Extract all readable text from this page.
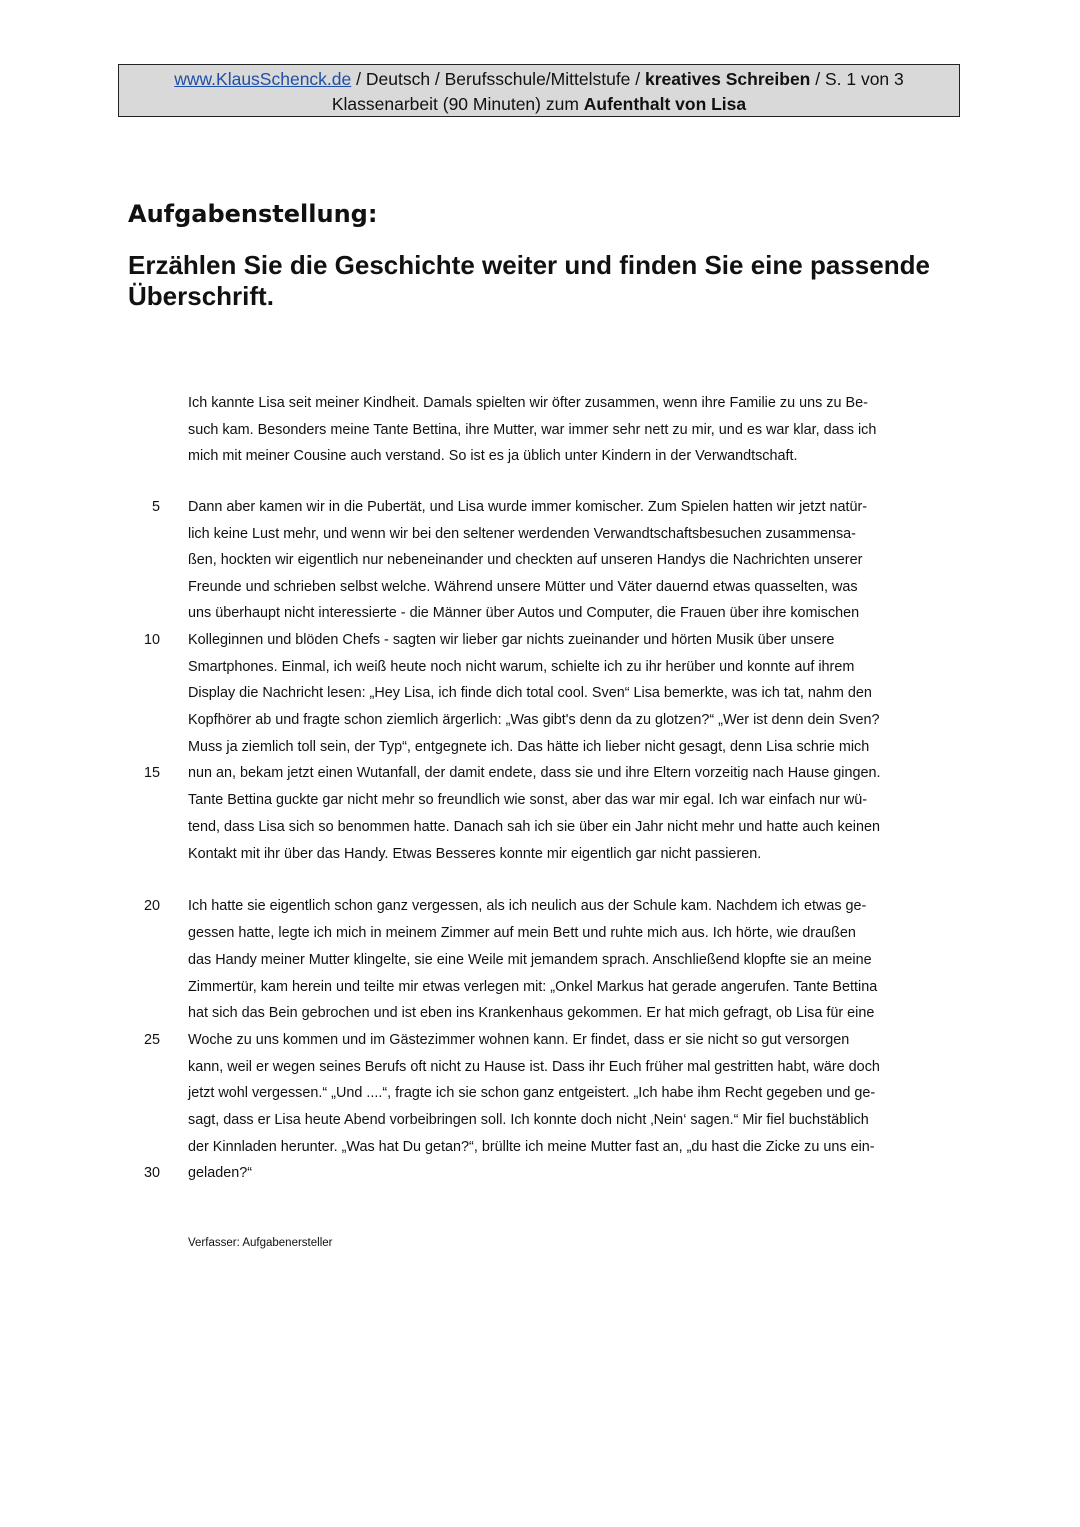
www.KlausSchenck.de / Deutsch / Berufsschule/Mittelstufe / kreatives Schreiben / S. 1 von 3
Klassenarbeit (90 Minuten) zum Aufenthalt von Lisa
Aufgabenstellung:
Erzählen Sie die Geschichte weiter und finden Sie eine passende
Überschrift.
Ich kannte Lisa seit meiner Kindheit. Damals spielten wir öfter zusammen, wenn ihre Familie zu uns zu Be-
such kam. Besonders meine Tante Bettina, ihre Mutter, war immer sehr nett zu mir, und es war klar, dass ich
mich mit meiner Cousine auch verstand. So ist es ja üblich unter Kindern in der Verwandtschaft.
Dann aber kamen wir in die Pubertät, und Lisa wurde immer komischer. Zum Spielen hatten wir jetzt natür-
lich keine Lust mehr, und wenn wir bei den seltener werdenden Verwandtschaftsbesuchen zusammensa-
ßen, hockten wir eigentlich nur nebeneinander und checkten auf unseren Handys die Nachrichten unserer
Freunde und schrieben selbst welche. Während unsere Mütter und Väter dauernd etwas quasselten, was
uns überhaupt nicht interessierte - die Männer über Autos und Computer, die Frauen über ihre komischen
Kolleginnen und blöden Chefs - sagten wir lieber gar nichts zueinander und hörten Musik über unsere
Smartphones. Einmal, ich weiß heute noch nicht warum, schielte ich zu ihr herüber und konnte auf ihrem
Display die Nachricht lesen: „Hey Lisa, ich finde dich total cool. Sven“ Lisa bemerkte, was ich tat, nahm den
Kopfhörer ab und fragte schon ziemlich ärgerlich: „Was gibt's denn da zu glotzen?“ „Wer ist denn dein Sven?
Muss ja ziemlich toll sein, der Typ“, entgegnete ich. Das hätte ich lieber nicht gesagt, denn Lisa schrie mich
nun an, bekam jetzt einen Wutanfall, der damit endete, dass sie und ihre Eltern vorzeitig nach Hause gingen.
Tante Bettina guckte gar nicht mehr so freundlich wie sonst, aber das war mir egal. Ich war einfach nur wü-
tend, dass Lisa sich so benommen hatte. Danach sah ich sie über ein Jahr nicht mehr und hatte auch keinen
Kontakt mit ihr über das Handy. Etwas Besseres konnte mir eigentlich gar nicht passieren.
Ich hatte sie eigentlich schon ganz vergessen, als ich neulich aus der Schule kam. Nachdem ich etwas ge-
gessen hatte, legte ich mich in meinem Zimmer auf mein Bett und ruhte mich aus. Ich hörte, wie draußen
das Handy meiner Mutter klingelte, sie eine Weile mit jemandem sprach. Anschließend klopfte sie an meine
Zimmertür, kam herein und teilte mir etwas verlegen mit: „Onkel Markus hat gerade angerufen. Tante Bettina
hat sich das Bein gebrochen und ist eben ins Krankenhaus gekommen. Er hat mich gefragt, ob Lisa für eine
Woche zu uns kommen und im Gästezimmer wohnen kann. Er findet, dass er sie nicht so gut versorgen
kann, weil er wegen seines Berufs oft nicht zu Hause ist. Dass ihr Euch früher mal gestritten habt, wäre doch
jetzt wohl vergessen.“ „Und ....“, fragte ich sie schon ganz entgeistert. „Ich habe ihm Recht gegeben und ge-
sagt, dass er Lisa heute Abend vorbeibringen soll. Ich konnte doch nicht ‚Nein‘ sagen.“ Mir fiel buchstäblich
der Kinnladen herunter. „Was hat Du getan?“, brüllte ich meine Mutter fast an, „du hast die Zicke zu uns ein-
geladen?“
5
10
15
20
25
30
Verfasser: Aufgabenersteller
